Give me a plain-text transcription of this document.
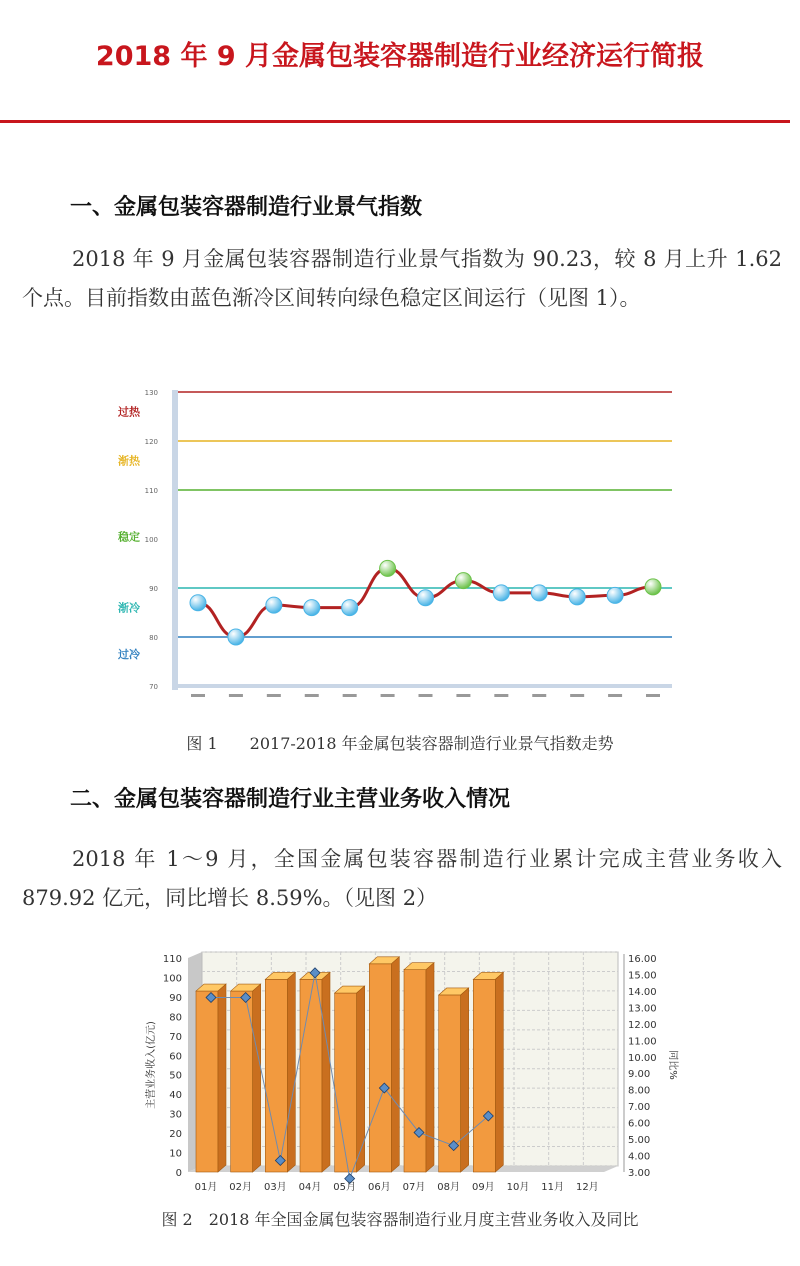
2018 年 9 月金属包装容器制造行业经济运行简报
一、金属包装容器制造行业景气指数
2018 年 9 月金属包装容器制造行业景气指数为 90.23，较 8 月上升 1.62 个点。目前指数由蓝色渐冷区间转向绿色稳定区间运行（见图 1）。
70
80
90
100
110
120
130
过热
渐热
稳定
渐冷
过冷
图 1　　2017-2018 年金属包装容器制造行业景气指数走势
二、金属包装容器制造行业主营业务收入情况
2018 年 1～9 月，全国金属包装容器制造行业累计完成主营业务收入 879.92 亿元，同比增长 8.59%。（见图 2）
0
10
20
30
40
50
60
70
80
90
100
110
主营业务收入(亿元)	同比%
3.00
4.00
5.00
6.00
7.00
8.00
9.00
10.00
11.00
12.00
13.00
14.00
15.00
16.00
01月 02月 03月 04月 05月 06月 07月 08月 09月 10月 11月 12月
图 2　2018 年全国金属包装容器制造行业月度主营业务收入及同比
